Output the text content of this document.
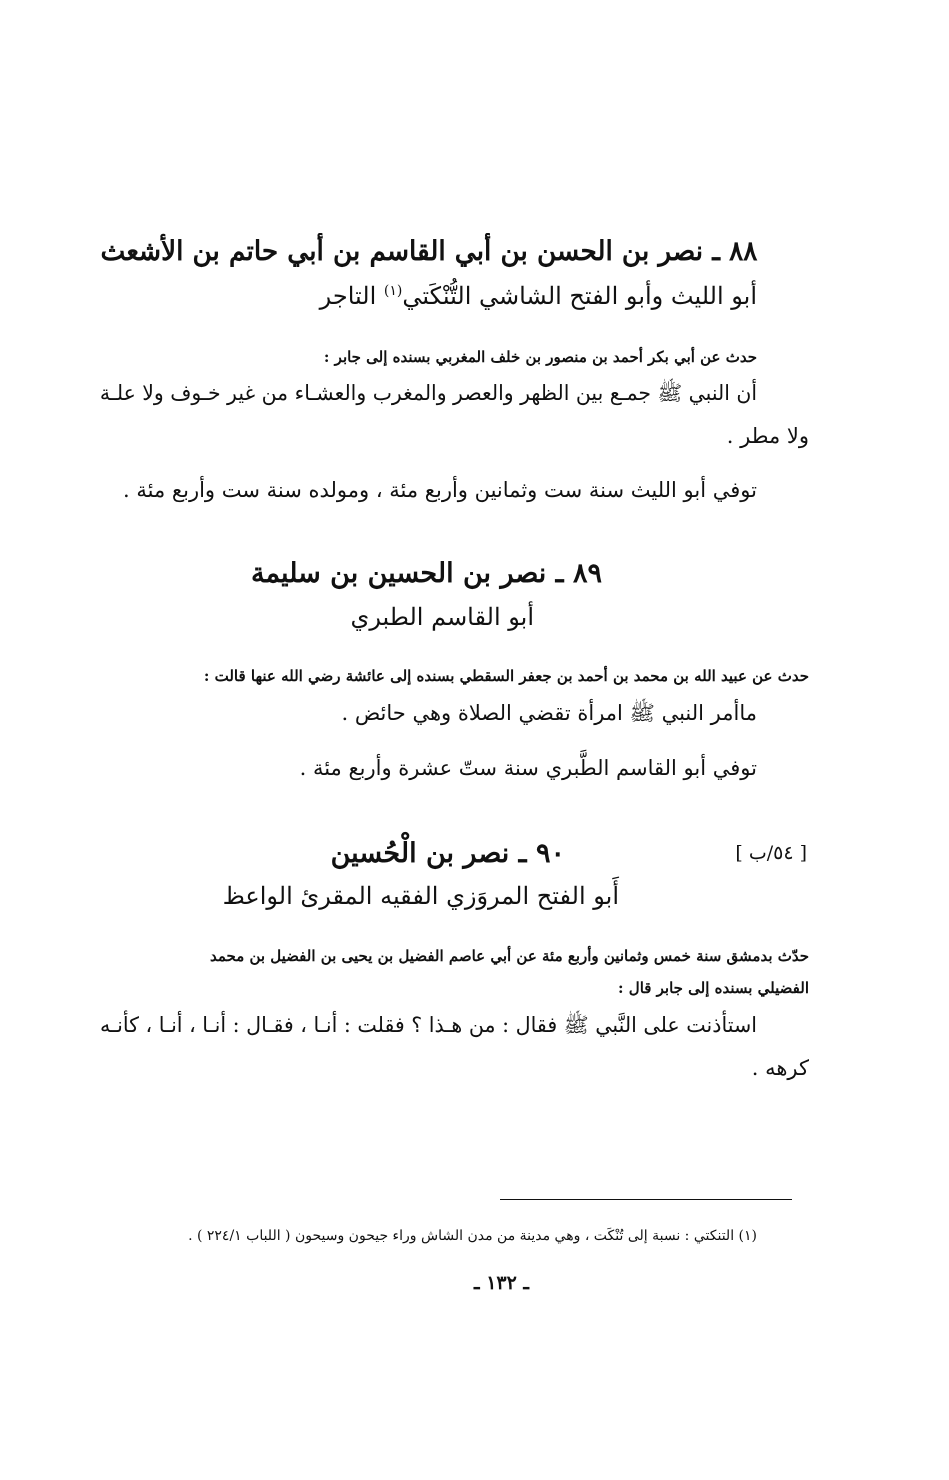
٨٨ ـ نصر بن الحسن بن أبي القاسم بن أبي حاتم بن الأشعث
أبو الليث وأبو الفتح الشاشي التُّنْكَتي$^{(١)}$ التاجر
حدث عن أبي بكر أحمد بن منصور بن خلف المغربي بسنده إلى جابر :
أن النبي ﷺ جمـع بين الظهر والعصر والمغرب والعشـاء من غير خـوف ولا علـة
ولا مطر .
توفي أبو الليث سنة ست وثمانين وأربع مئة ، ومولده سنة ست وأربع مئة .
٨٩ ـ نصر بن الحسين بن سليمة
أبو القاسم الطبري
حدث عن عبيد الله بن محمد بن أحمد بن جعفر السقطي بسنده إلى عائشة رضي الله عنها قالت :
ماأمر النبي ﷺ امرأة تقضي الصلاة وهي حائض .
توفي أبو القاسم الطَّبري سنة ستّ عشرة وأربع مئة .
[ ٥٤/ب ]
٩٠ ـ نصر بن الْحُسين
أَبو الفتح المروَزي الفقيه المقرئ الواعظ
حدّث بدمشق سنة خمس وثمانين وأربع مئة عن أبي عاصم الفضيل بن يحيى بن الفضيل بن محمد
الفضيلي بسنده إلى جابر قال :
استأذنت على النَّبي ﷺ فقال : من هـذا ؟ فقلت : أنـا ، فقـال : أنـا ، أنـا ، كأنـه
كرهه .
(١) التنكتي : نسبة إلى تُنْكَت ، وهي مدينة من مدن الشاش وراء جيحون وسيحون ( اللباب ٢٢٤/١ ) .
ـ ١٣٢ ـ
